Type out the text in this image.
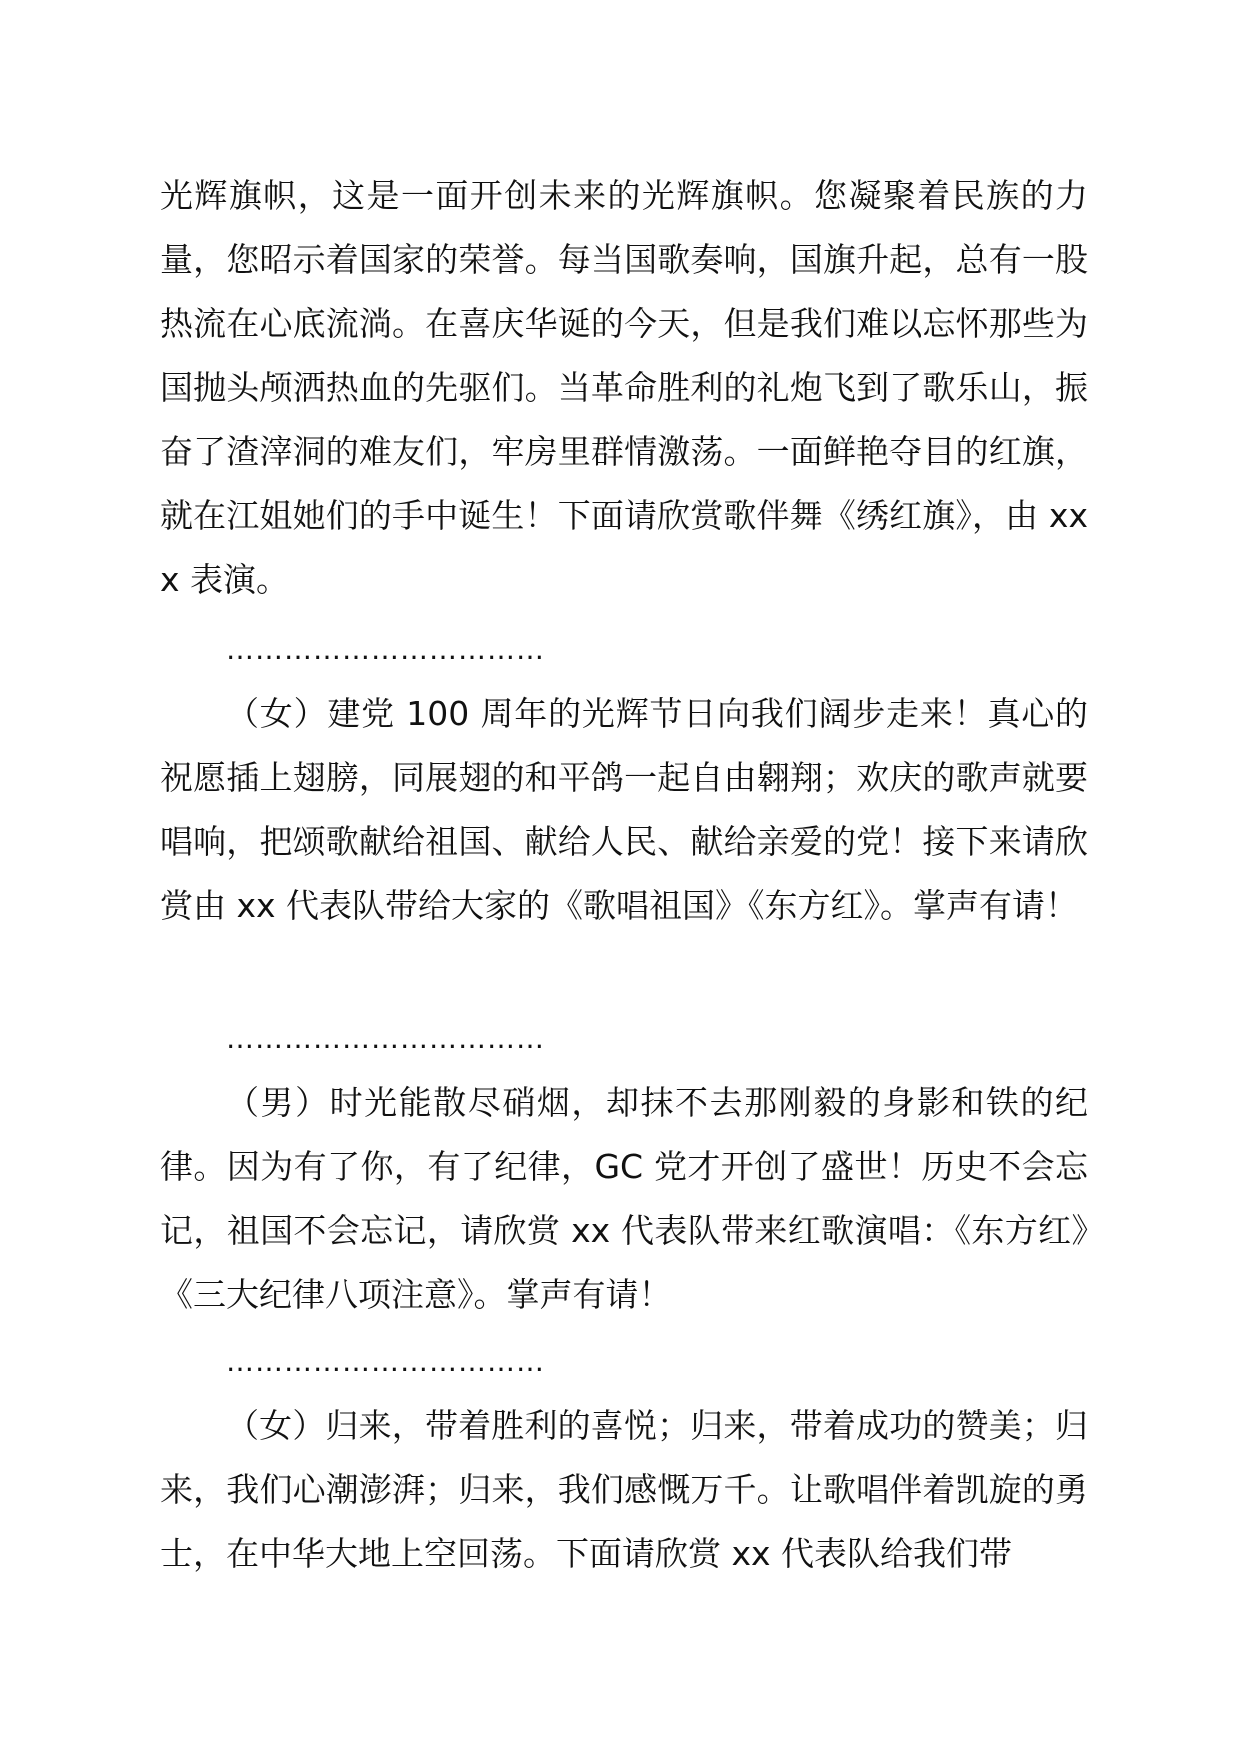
光辉旗帜，这是一面开创未来的光辉旗帜。您凝聚着民族的力量，您昭示着国家的荣誉。每当国歌奏响，国旗升起，总有一股热流在心底流淌。在喜庆华诞的今天，但是我们难以忘怀那些为国抛头颅洒热血的先驱们。当革命胜利的礼炮飞到了歌乐山，振奋了渣滓洞的难友们，牢房里群情激荡。一面鲜艳夺目的红旗，就在江姐她们的手中诞生！下面请欣赏歌伴舞《绣红旗》，由 xxx 表演。

……………………………

（女）建党 100 周年的光辉节日向我们阔步走来！真心的祝愿插上翅膀，同展翅的和平鸽一起自由翱翔；欢庆的歌声就要唱响，把颂歌献给祖国、献给人民、献给亲爱的党！接下来请欣赏由 xx 代表队带给大家的《歌唱祖国》《东方红》。掌声有请！

……………………………

（男）时光能散尽硝烟，却抹不去那刚毅的身影和铁的纪律。因为有了你，有了纪律，GC 党才开创了盛世！历史不会忘记，祖国不会忘记，请欣赏 xx 代表队带来红歌演唱：《东方红》《三大纪律八项注意》。掌声有请！

……………………………

（女）归来，带着胜利的喜悦；归来，带着成功的赞美；归来，我们心潮澎湃；归来，我们感慨万千。让歌唱伴着凯旋的勇士，在中华大地上空回荡。下面请欣赏 xx 代表队给我们带
